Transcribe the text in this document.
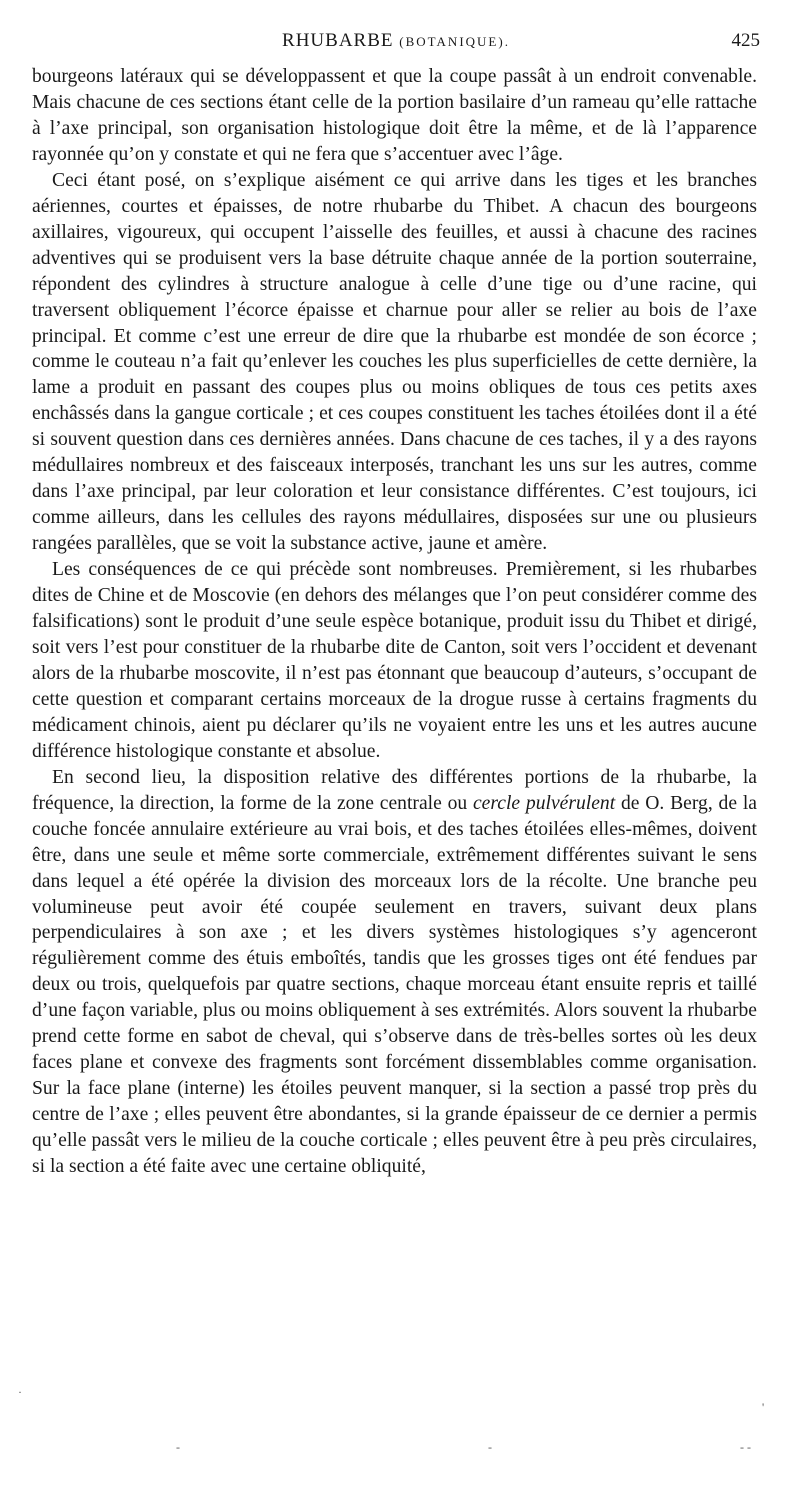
RHUBARBE (BOTANIQUE).	425

bourgeons latéraux qui se développassent et que la coupe passât à un endroit convenable. Mais chacune de ces sections étant celle de la portion basilaire d’un rameau qu’elle rattache à l’axe principal, son organisation histologique doit être la même, et de là l’apparence rayonnée qu’on y constate et qui ne fera que s’accentuer avec l’âge.

Ceci étant posé, on s’explique aisément ce qui arrive dans les tiges et les branches aériennes, courtes et épaisses, de notre rhubarbe du Thibet. A chacun des bourgeons axillaires, vigoureux, qui occupent l’aisselle des feuilles, et aussi à chacune des racines adventives qui se produisent vers la base détruite chaque année de la portion souterraine, répondent des cylindres à structure analogue à celle d’une tige ou d’une racine, qui traversent obliquement l’écorce épaisse et charnue pour aller se relier au bois de l’axe principal. Et comme c’est une erreur de dire que la rhubarbe est mondée de son écorce ; comme le couteau n’a fait qu’enlever les couches les plus superficielles de cette dernière, la lame a produit en passant des coupes plus ou moins obliques de tous ces petits axes enchâssés dans la gangue corticale ; et ces coupes constituent les taches étoilées dont il a été si souvent question dans ces dernières années. Dans chacune de ces taches, il y a des rayons médullaires nombreux et des faisceaux interposés, tranchant les uns sur les autres, comme dans l’axe principal, par leur coloration et leur consistance différentes. C’est toujours, ici comme ailleurs, dans les cellules des rayons médullaires, disposées sur une ou plusieurs rangées parallèles, que se voit la substance active, jaune et amère.

Les conséquences de ce qui précède sont nombreuses. Premièrement, si les rhubarbes dites de Chine et de Moscovie (en dehors des mélanges que l’on peut considérer comme des falsifications) sont le produit d’une seule espèce botanique, produit issu du Thibet et dirigé, soit vers l’est pour constituer de la rhubarbe dite de Canton, soit vers l’occident et devenant alors de la rhubarbe moscovite, il n’est pas étonnant que beaucoup d’auteurs, s’occupant de cette question et comparant certains morceaux de la drogue russe à certains fragments du médicament chinois, aient pu déclarer qu’ils ne voyaient entre les uns et les autres aucune différence histologique constante et absolue.

En second lieu, la disposition relative des différentes portions de la rhubarbe, la fréquence, la direction, la forme de la zone centrale ou cercle pulvérulent de O. Berg, de la couche foncée annulaire extérieure au vrai bois, et des taches étoilées elles-mêmes, doivent être, dans une seule et même sorte commerciale, extrêmement différentes suivant le sens dans lequel a été opérée la division des morceaux lors de la récolte. Une branche peu volumineuse peut avoir été coupée seulement en travers, suivant deux plans perpendiculaires à son axe ; et les divers systèmes histologiques s’y agenceront régulièrement comme des étuis emboîtés, tandis que les grosses tiges ont été fendues par deux ou trois, quelquefois par quatre sections, chaque morceau étant ensuite repris et taillé d’une façon variable, plus ou moins obliquement à ses extrémités. Alors souvent la rhubarbe prend cette forme en sabot de cheval, qui s’observe dans de très-belles sortes où les deux faces plane et convexe des fragments sont forcément dissemblables comme organisation. Sur la face plane (interne) les étoiles peuvent manquer, si la section a passé trop près du centre de l’axe ; elles peuvent être abondantes, si la grande épaisseur de ce dernier a permis qu’elle passât vers le milieu de la couche corticale ; elles peuvent être à peu près circulaires, si la section a été faite avec une certaine obliquité,

·
-	-	- -
'
